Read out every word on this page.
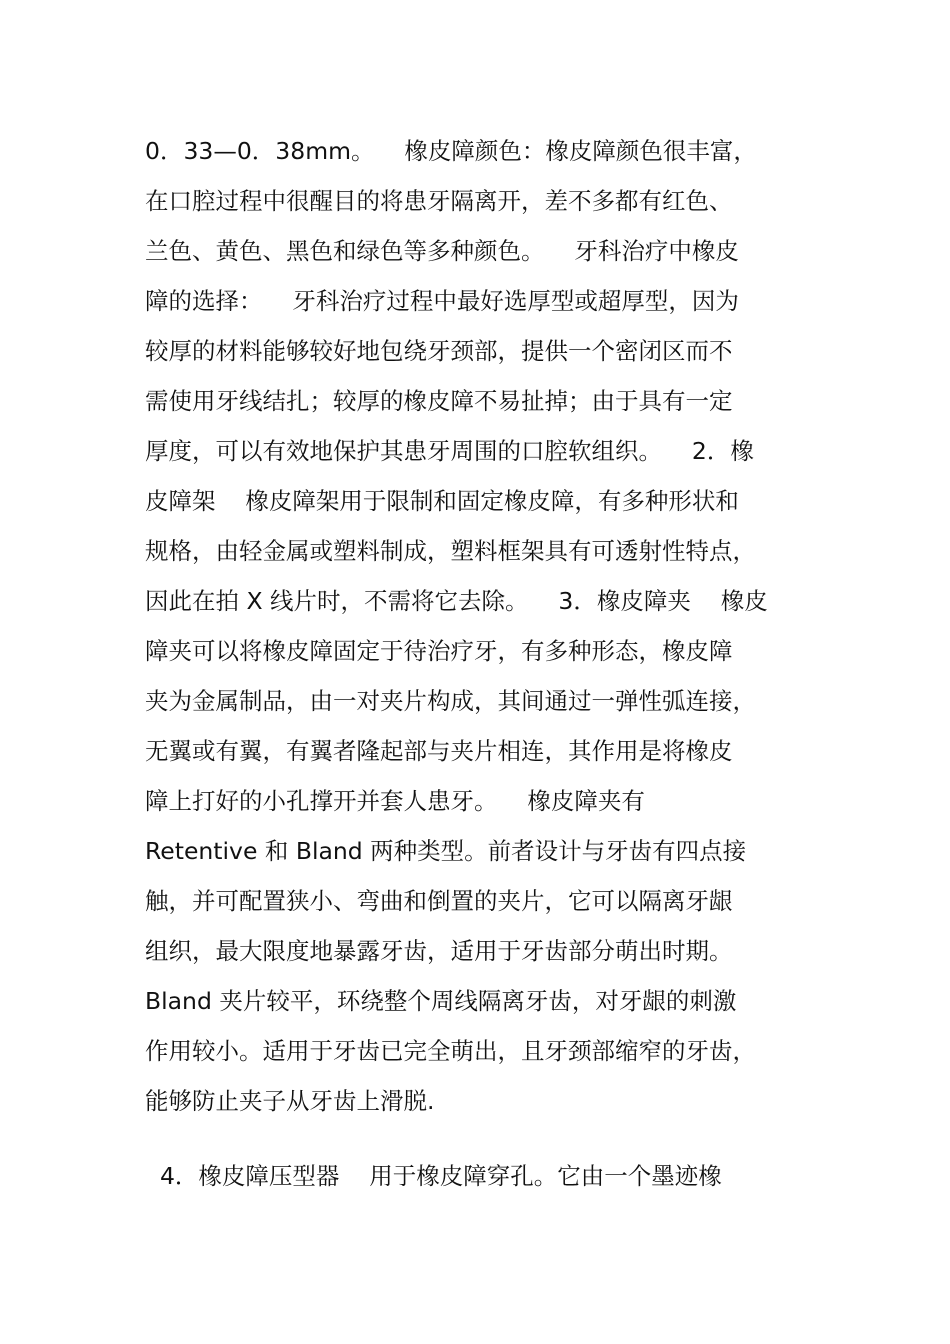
0．33—0．38mm。    橡皮障颜色：橡皮障颜色很丰富，
在口腔过程中很醒目的将患牙隔离开，差不多都有红色、
兰色、黄色、黑色和绿色等多种颜色。    牙科治疗中橡皮
障的选择：    牙科治疗过程中最好选厚型或超厚型，因为
较厚的材料能够较好地包绕牙颈部，提供一个密闭区而不
需使用牙线结扎；较厚的橡皮障不易扯掉；由于具有一定
厚度，可以有效地保护其患牙周围的口腔软组织。    2．橡
皮障架    橡皮障架用于限制和固定橡皮障，有多种形状和
规格，由轻金属或塑料制成，塑料框架具有可透射性特点，
因此在拍 X 线片时，不需将它去除。    3．橡皮障夹    橡皮
障夹可以将橡皮障固定于待治疗牙，有多种形态，橡皮障
夹为金属制品，由一对夹片构成，其间通过一弹性弧连接，
无翼或有翼，有翼者隆起部与夹片相连，其作用是将橡皮
障上打好的小孔撑开并套人患牙。    橡皮障夹有
Retentive 和 Bland 两种类型。前者设计与牙齿有四点接
触，并可配置狭小、弯曲和倒置的夹片，它可以隔离牙龈
组织，最大限度地暴露牙齿，适用于牙齿部分萌出时期。
Bland 夹片较平，环绕整个周线隔离牙齿，对牙龈的刺激
作用较小。适用于牙齿已完全萌出，且牙颈部缩窄的牙齿，
能够防止夹子从牙齿上滑脱.
4．橡皮障压型器    用于橡皮障穿孔。它由一个墨迹橡
